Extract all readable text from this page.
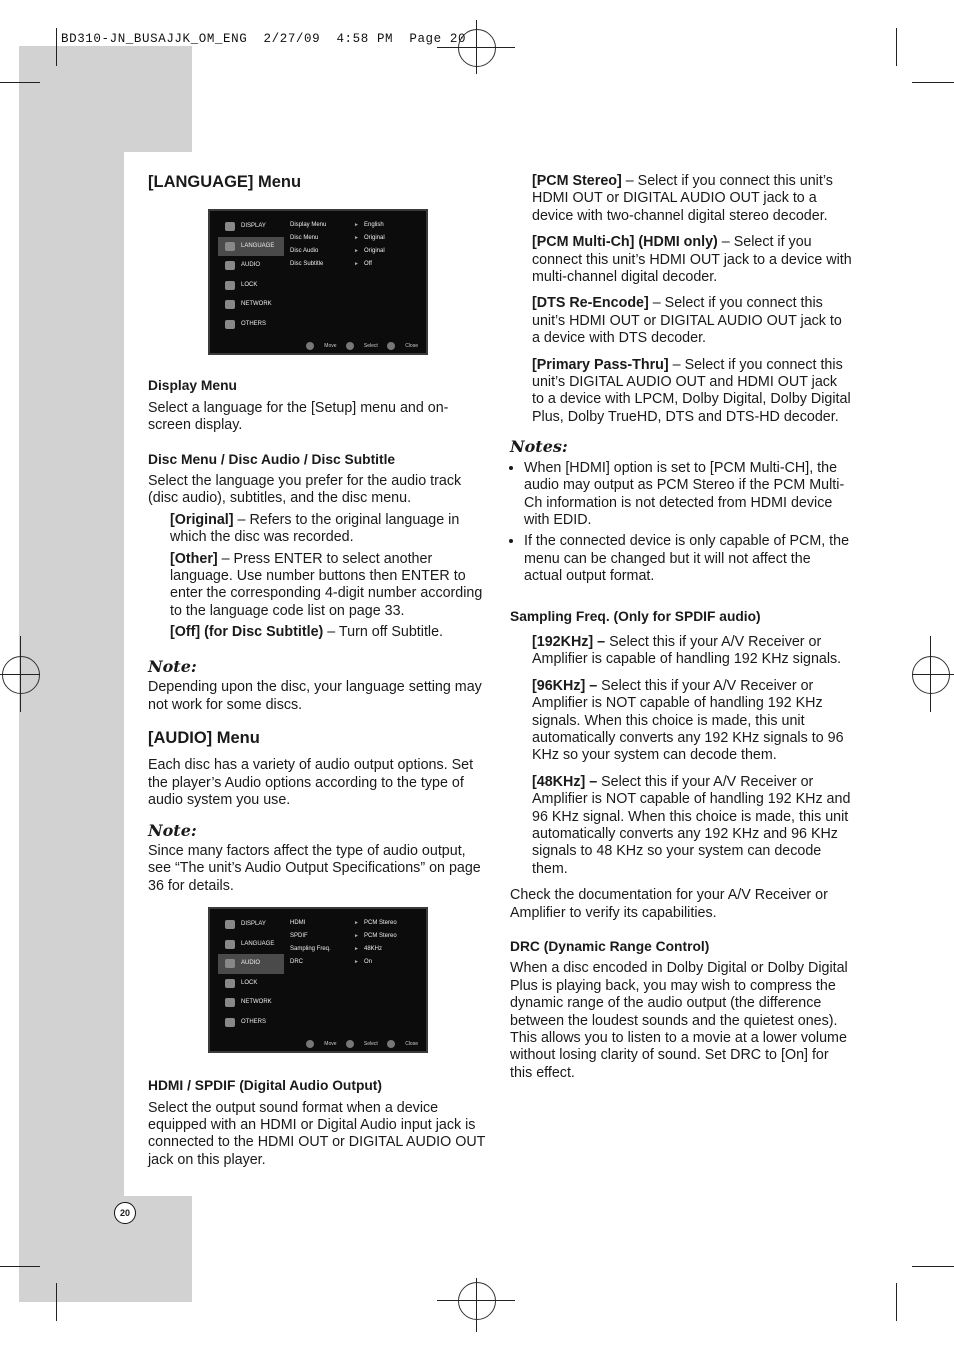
BD310-JN_BUSAJJK_OM_ENG  2/27/09  4:58 PM  Page 20
[LANGUAGE] Menu
Display Menu

Select a language for the [Setup] menu and on-screen display.

Disc Menu / Disc Audio / Disc Subtitle

Select the language you prefer for the audio track (disc audio), subtitles, and the disc menu.

[Original] – Refers to the original language in which the disc was recorded.

[Other] – Press ENTER to select another language. Use number buttons then ENTER to enter the corresponding 4-digit number according to the language code list on page 33.

[Off] (for Disc Subtitle) – Turn off Subtitle.

Note:

Depending upon the disc, your language setting may not work for some discs.

[AUDIO] Menu

Each disc has a variety of audio output options. Set the player’s Audio options according to the type of audio system you use.

Note:

Since many factors affect the type of audio output, see “The unit’s Audio Output Specifications” on page 36 for details.

HDMI / SPDIF (Digital Audio Output)

Select the output sound format when a device equipped with an HDMI or Digital Audio input jack is connected to the HDMI OUT or DIGITAL AUDIO OUT jack on this player.

DISPLAY
LANGUAGE
AUDIO
LOCK
NETWORK
OTHERS
Display Menu	► English
Disc Menu	► Original
Disc Audio	► Original
Disc Subtitle	► Off
Move	Select	Close
DISPLAY
LANGUAGE
AUDIO
LOCK
NETWORK
OTHERS
HDMI	► PCM Stereo
SPDIF	► PCM Stereo
Sampling Freq.	► 48KHz
DRC	► On
Move	Select	Close

[PCM Stereo] – Select if you connect this unit’s HDMI OUT or DIGITAL AUDIO OUT jack to a device with two-channel digital stereo decoder.

[PCM Multi-Ch] (HDMI only) – Select if you connect this unit’s HDMI OUT jack to a device with multi-channel digital decoder.

[DTS Re-Encode] – Select if you connect this unit’s HDMI OUT or DIGITAL AUDIO OUT jack to a device with DTS decoder.

[Primary Pass-Thru] – Select if you connect this unit’s DIGITAL AUDIO OUT and HDMI OUT jack to a device with LPCM, Dolby Digital, Dolby Digital Plus, Dolby TrueHD, DTS and DTS-HD decoder.

Notes:
• When [HDMI] option is set to [PCM Multi-CH], the audio may output as PCM Stereo if the PCM Multi-Ch information is not detected from HDMI device with EDID.
• If the connected device is only capable of PCM, the menu can be changed but it will not affect the actual output format.
Sampling Freq. (Only for SPDIF audio)

[192KHz] – Select this if your A/V Receiver or Amplifier is capable of handling 192 KHz signals.

[96KHz] – Select this if your A/V Receiver or Amplifier is NOT capable of handling 192 KHz signals. When this choice is made, this unit automatically converts any 192 KHz signals to 96 KHz so your system can decode them.

[48KHz] – Select this if your A/V Receiver or Amplifier is NOT capable of handling 192 KHz and 96 KHz signal. When this choice is made, this unit automatically converts any 192 KHz and 96 KHz signals to 48 KHz so your system can decode them.

Check the documentation for your A/V Receiver or Amplifier to verify its capabilities.

DRC (Dynamic Range Control)

When a disc encoded in Dolby Digital or Dolby Digital Plus is playing back, you may wish to compress the dynamic range of the audio output (the difference between the loudest sounds and the quietest ones). This allows you to listen to a movie at a lower volume without losing clarity of sound. Set DRC to [On] for this effect.

20
